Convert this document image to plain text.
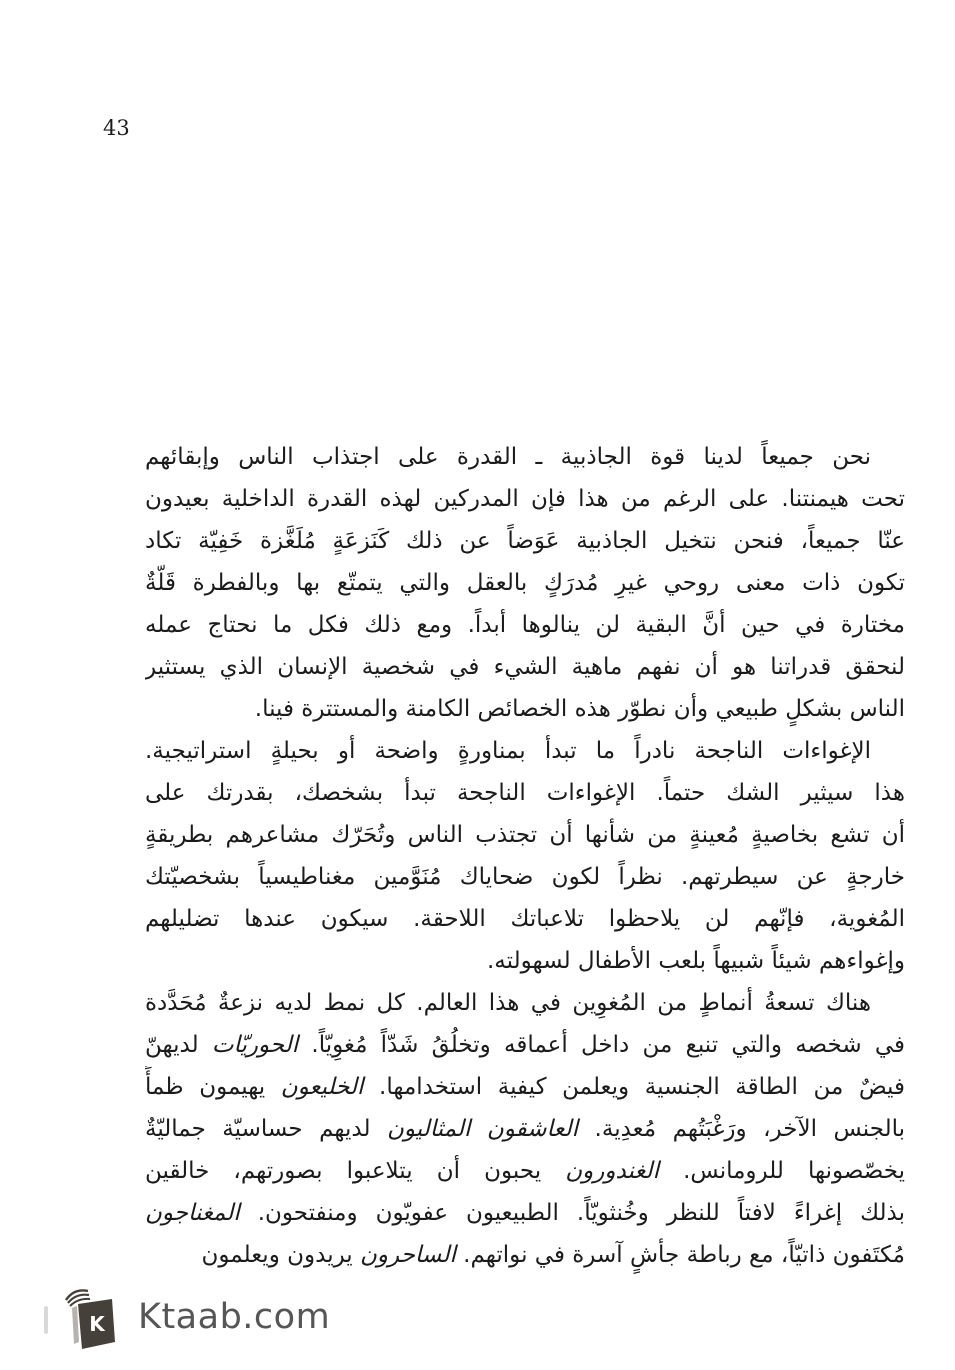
43
نحن جميعاً لدينا قوة الجاذبية ـ القدرة على اجتذاب الناس وإبقائهم
تحت هيمنتنا. على الرغم من هذا فإن المدركين لهذه القدرة الداخلية بعيدون
عنّا جميعاً، فنحن نتخيل الجاذبية عَوَضاً عن ذلك كَنَزعَةٍ مُلَغَّزة خَفِيّة تكاد
تكون ذات معنى روحي غيرِ مُدرَكٍ بالعقل والتي يتمتّع بها وبالفطرة قَلّةٌ
مختارة في حين أنَّ البقية لن ينالوها أبداً. ومع ذلك فكل ما نحتاج عمله
لنحقق قدراتنا هو أن نفهم ماهية الشيء في شخصية الإنسان الذي يستثير
الناس بشكلٍ طبيعي وأن نطوّر هذه الخصائص الكامنة والمستترة فينا.
الإغواءات الناجحة نادراً ما تبدأ بمناورةٍ واضحة أو بحيلةٍ استراتيجية.
هذا سيثير الشك حتماً. الإغواءات الناجحة تبدأ بشخصك، بقدرتك على
أن تشع بخاصيةٍ مُعينةٍ من شأنها أن تجتذب الناس وتُحَرّك مشاعرهم بطريقةٍ
خارجةٍ عن سيطرتهم. نظراً لكون ضحاياك مُنَوَّمين مغناطيسياً بشخصيّتك
المُغوية، فإنّهم لن يلاحظوا تلاعباتك اللاحقة. سيكون عندها تضليلهم
وإغواءهم شيئاً شبيهاً بلعب الأطفال لسهولته.
هناك تسعةُ أنماطٍ من المُغوِين في هذا العالم. كل نمط لديه نزعةٌ مُحَدَّدة
في شخصه والتي تنبع من داخل أعماقه وتخلُقُ شَدّاً مُغوِيّاً. الحوريّات لديهنّ
فيضٌ من الطاقة الجنسية ويعلمن كيفية استخدامها. الخليعون يهيمون ظمأً
بالجنس الآخر، ورَغْبَتُهم مُعدِية. العاشقون المثاليون لديهم حساسيّة جماليّةٌ
يخصّصونها للرومانس. الغندورون يحبون أن يتلاعبوا بصورتهم، خالقين
بذلك إغراءً لافتاً للنظر وخُنثويّاً. الطبيعيون عفويّون ومنفتحون. المغناجون
مُكتَفون ذاتيّاً، مع رباطة جأشٍ آسرة في نواتهم. الساحرون يريدون ويعلمون
K Ktaab.com
